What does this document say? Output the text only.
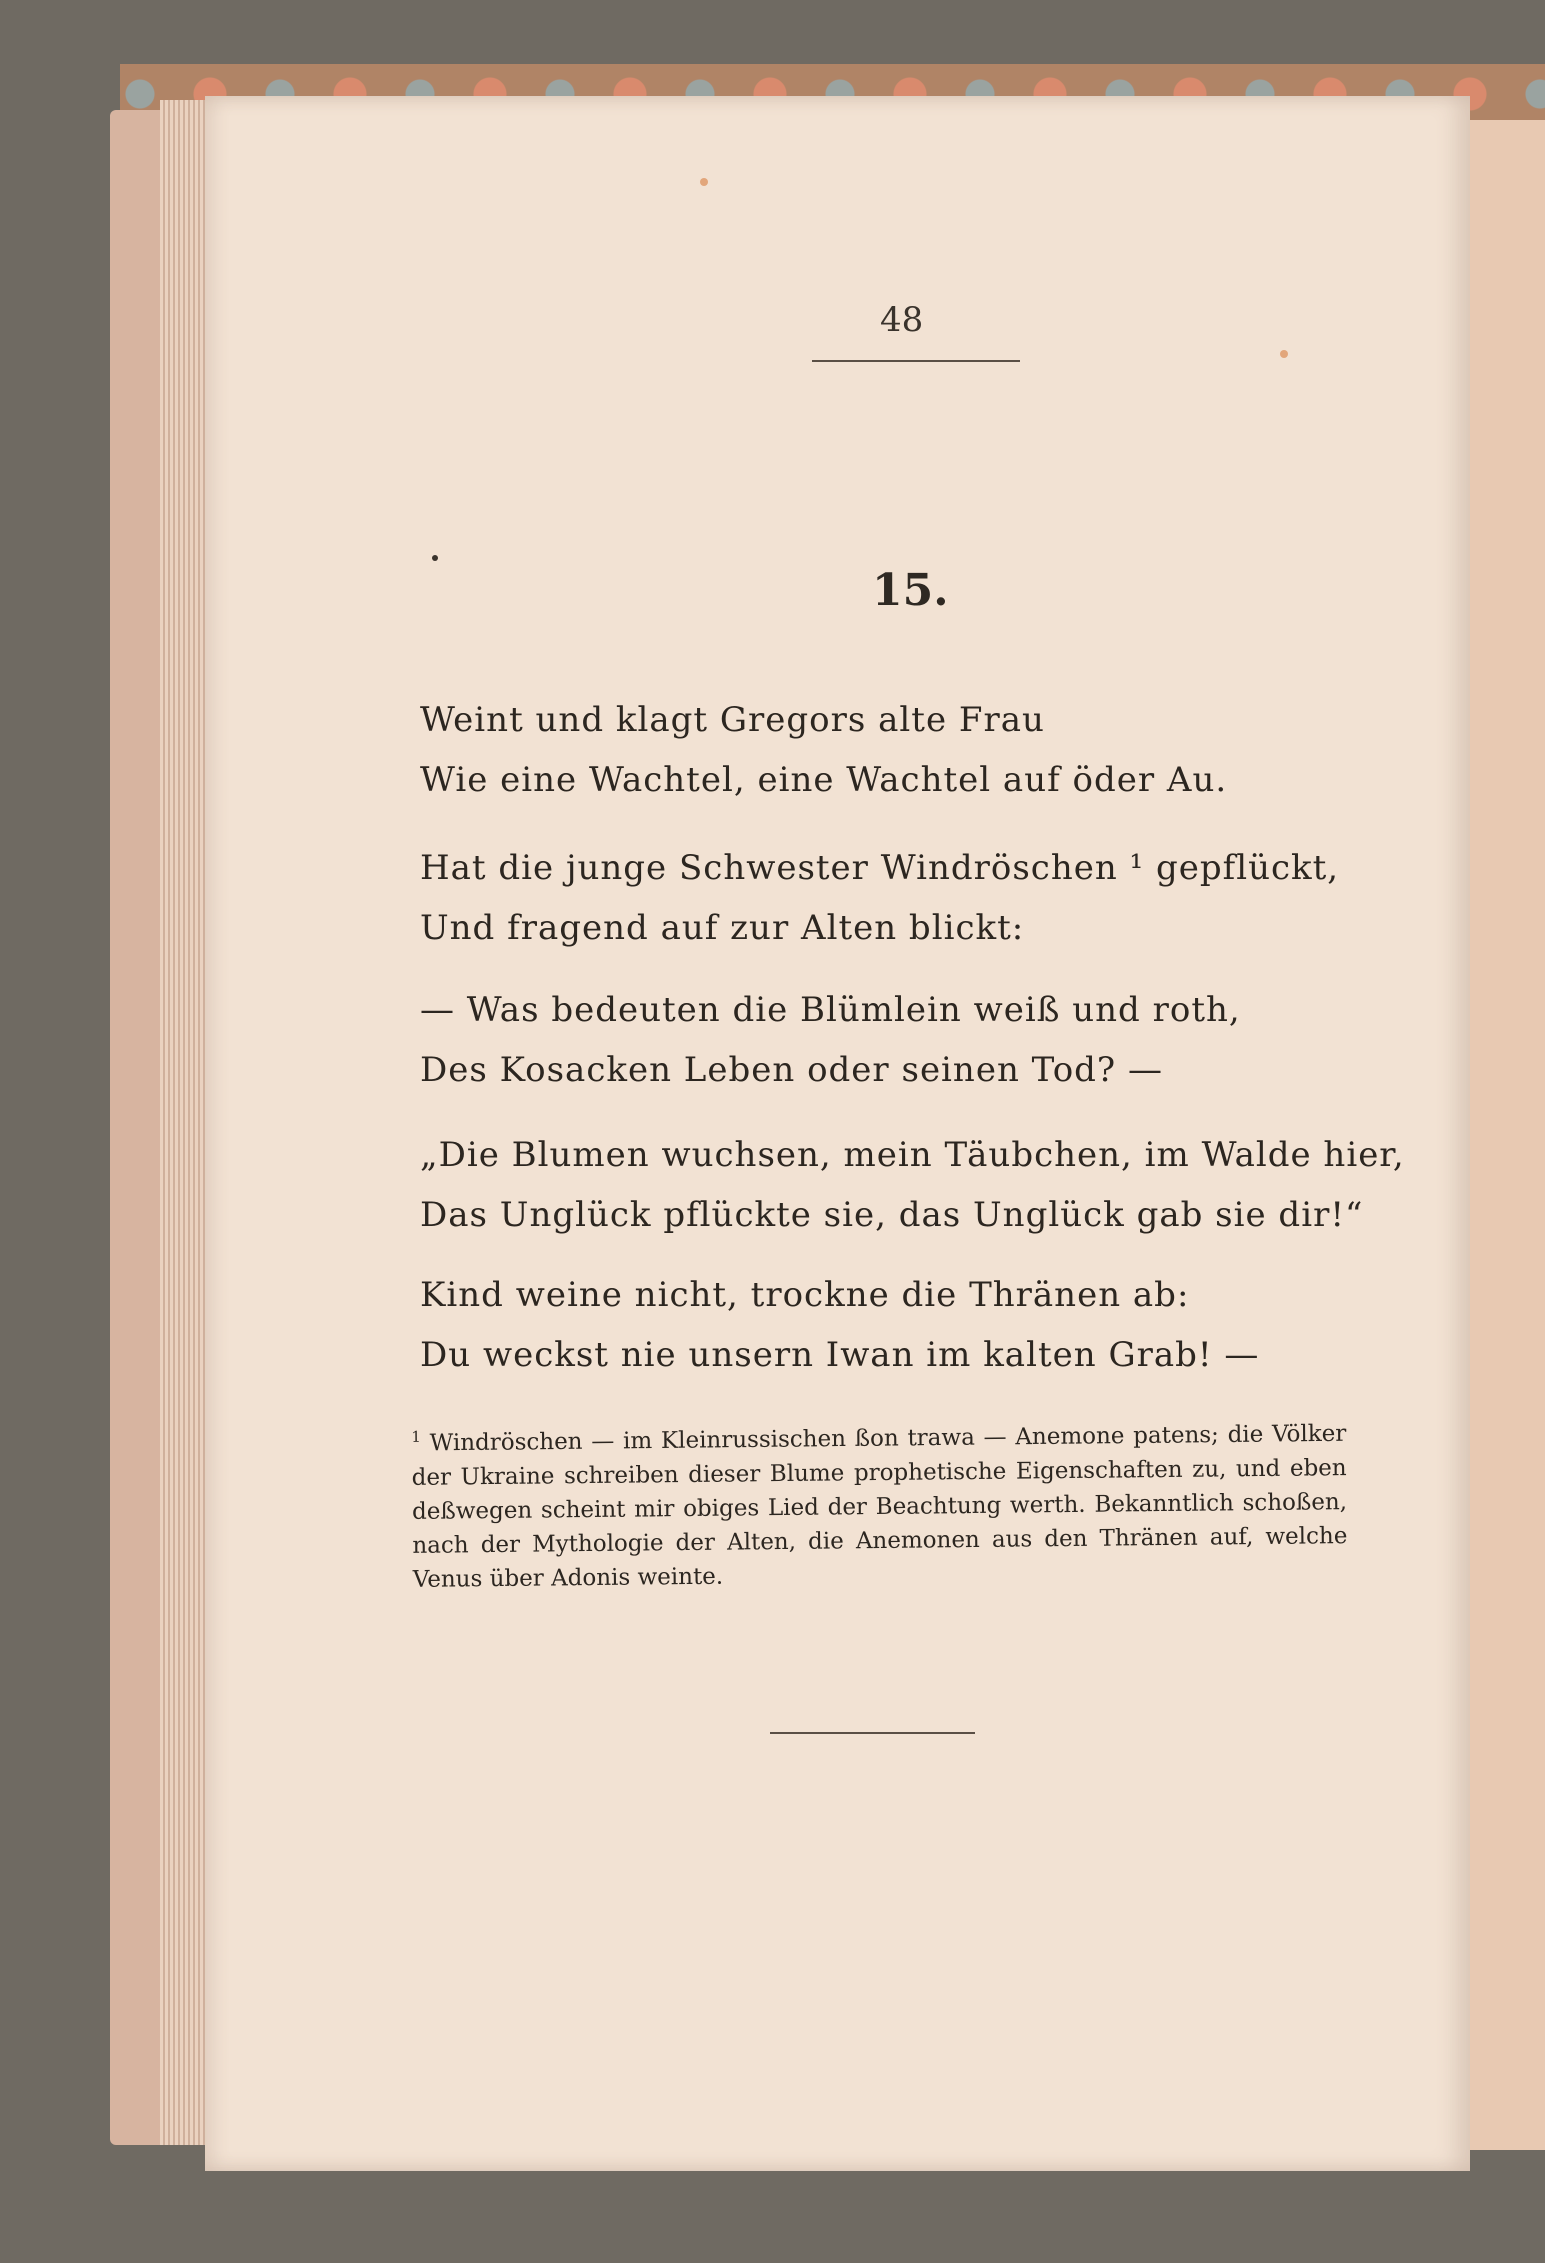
48
15.
Weint und klagt Gregors alte Frau
Wie eine Wachtel, eine Wachtel auf öder Au.
Hat die junge Schwester Windröschen ¹ gepflückt,
Und fragend auf zur Alten blickt:
— Was bedeuten die Blümlein weiß und roth,
Des Kosacken Leben oder seinen Tod? —
„Die Blumen wuchsen, mein Täubchen, im Walde hier,
Das Unglück pflückte sie, das Unglück gab sie dir!“
Kind weine nicht, trockne die Thränen ab:
Du weckst nie unsern Iwan im kalten Grab! —
$^1$ Windröschen — im Kleinrussischen ßon trawa — Anemone patens; die Völker der Ukraine schreiben dieser Blume prophetische Eigenschaften zu, und eben deßwegen scheint mir obiges Lied der Beachtung werth. Bekanntlich schoßen, nach der Mythologie der Alten, die Anemonen aus den Thränen auf, welche Venus über Adonis weinte.
